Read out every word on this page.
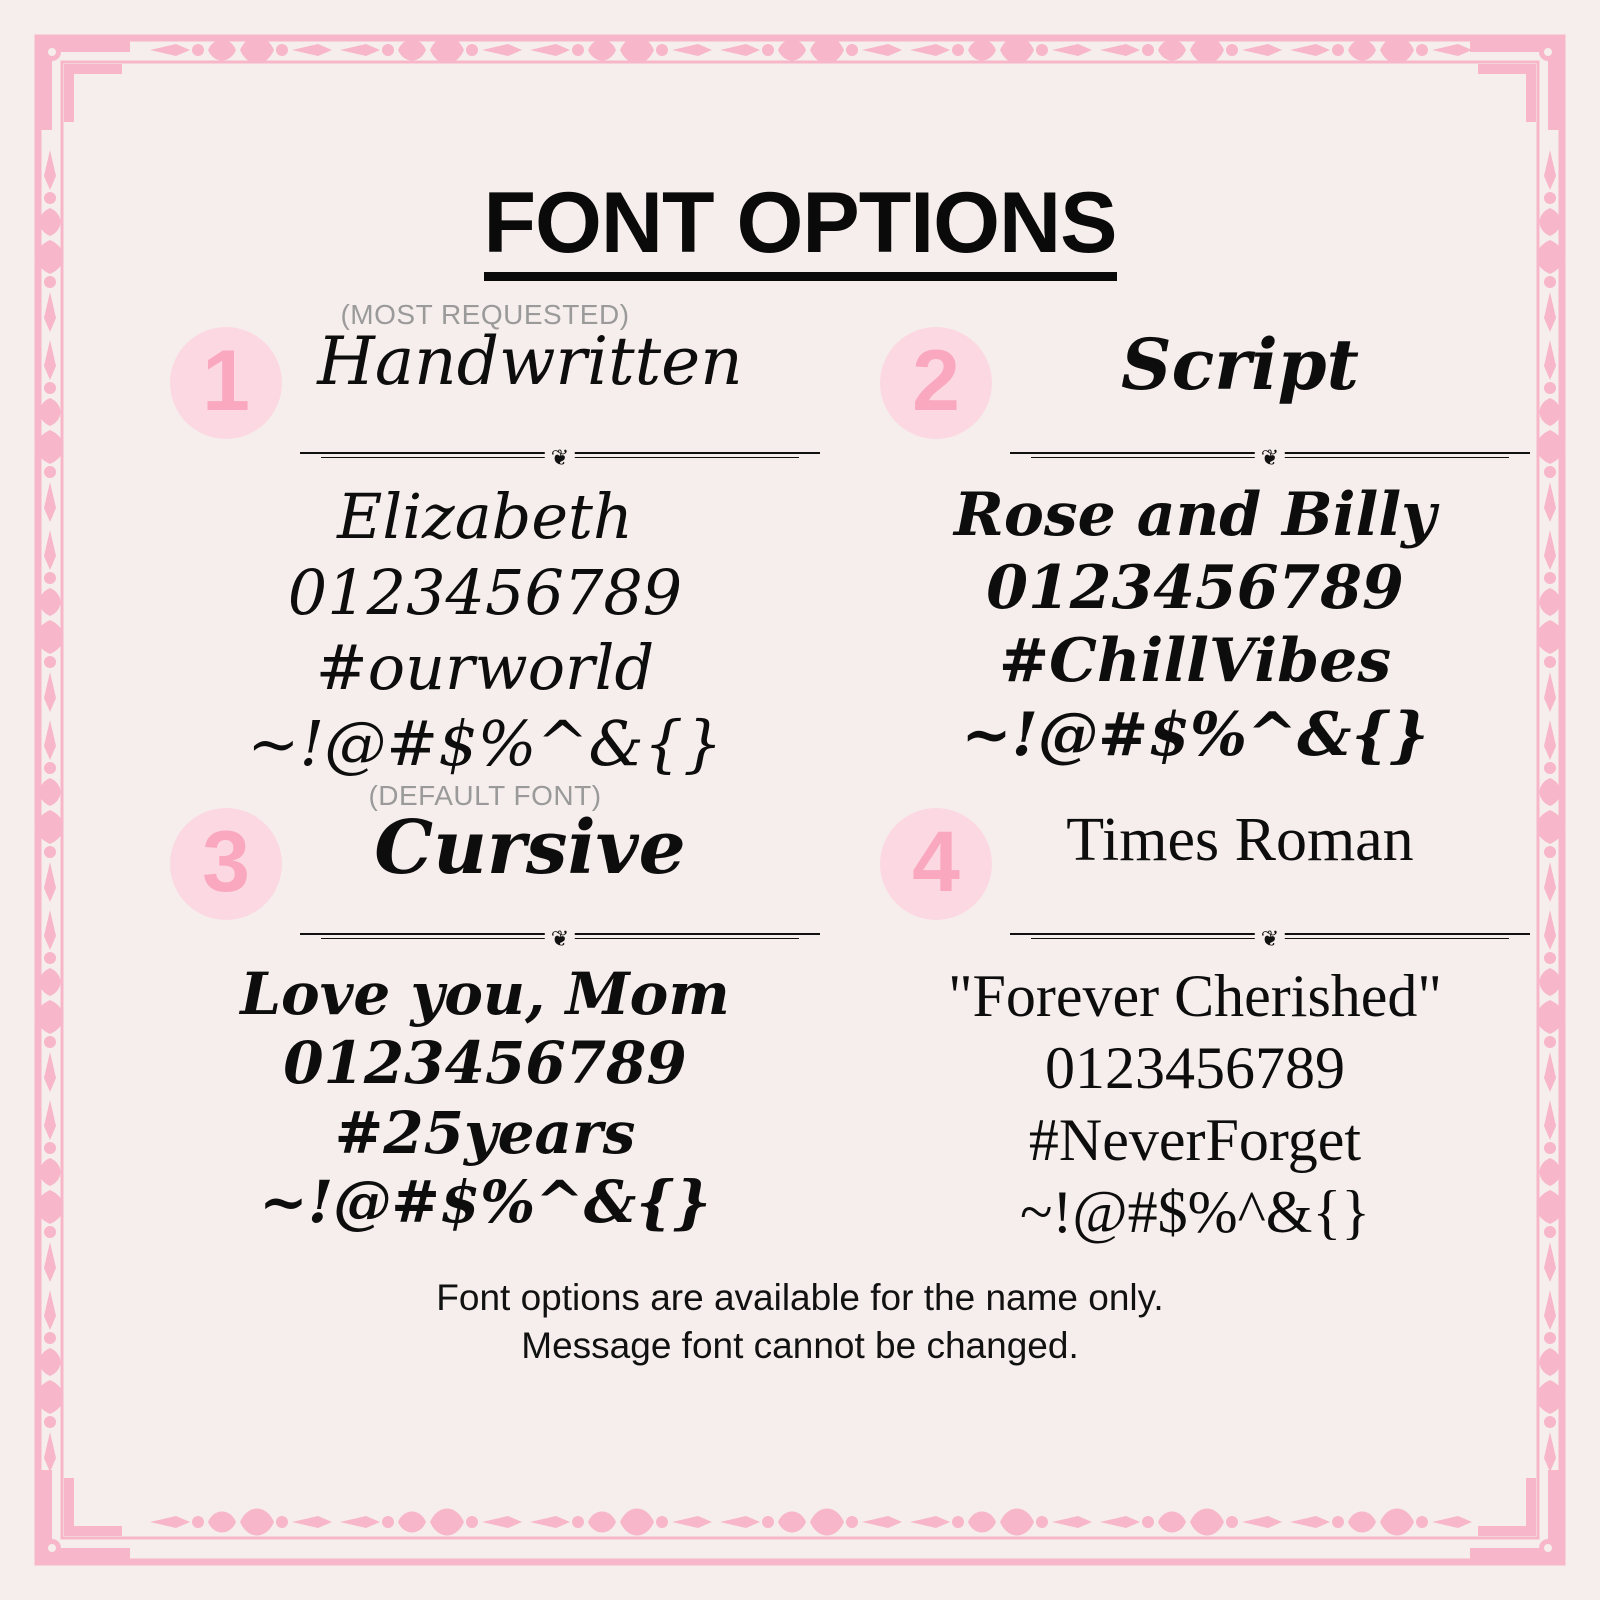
FONT OPTIONS
(MOST REQUESTED)
1	Handwritten
❦
Elizabeth
0123456789
#ourworld
~!@#$%^&{}
2	Script
❦
Rose and Billy
0123456789
#ChillVibes
~!@#$%^&{}
(DEFAULT FONT)
3	Cursive
❦
Love you, Mom
0123456789
#25years
~!@#$%^&{}
4	Times Roman
❦
"Forever Cherished"
0123456789
#NeverForget
~!@#$%^&{}
Font options are available for the name only.
Message font cannot be changed.
